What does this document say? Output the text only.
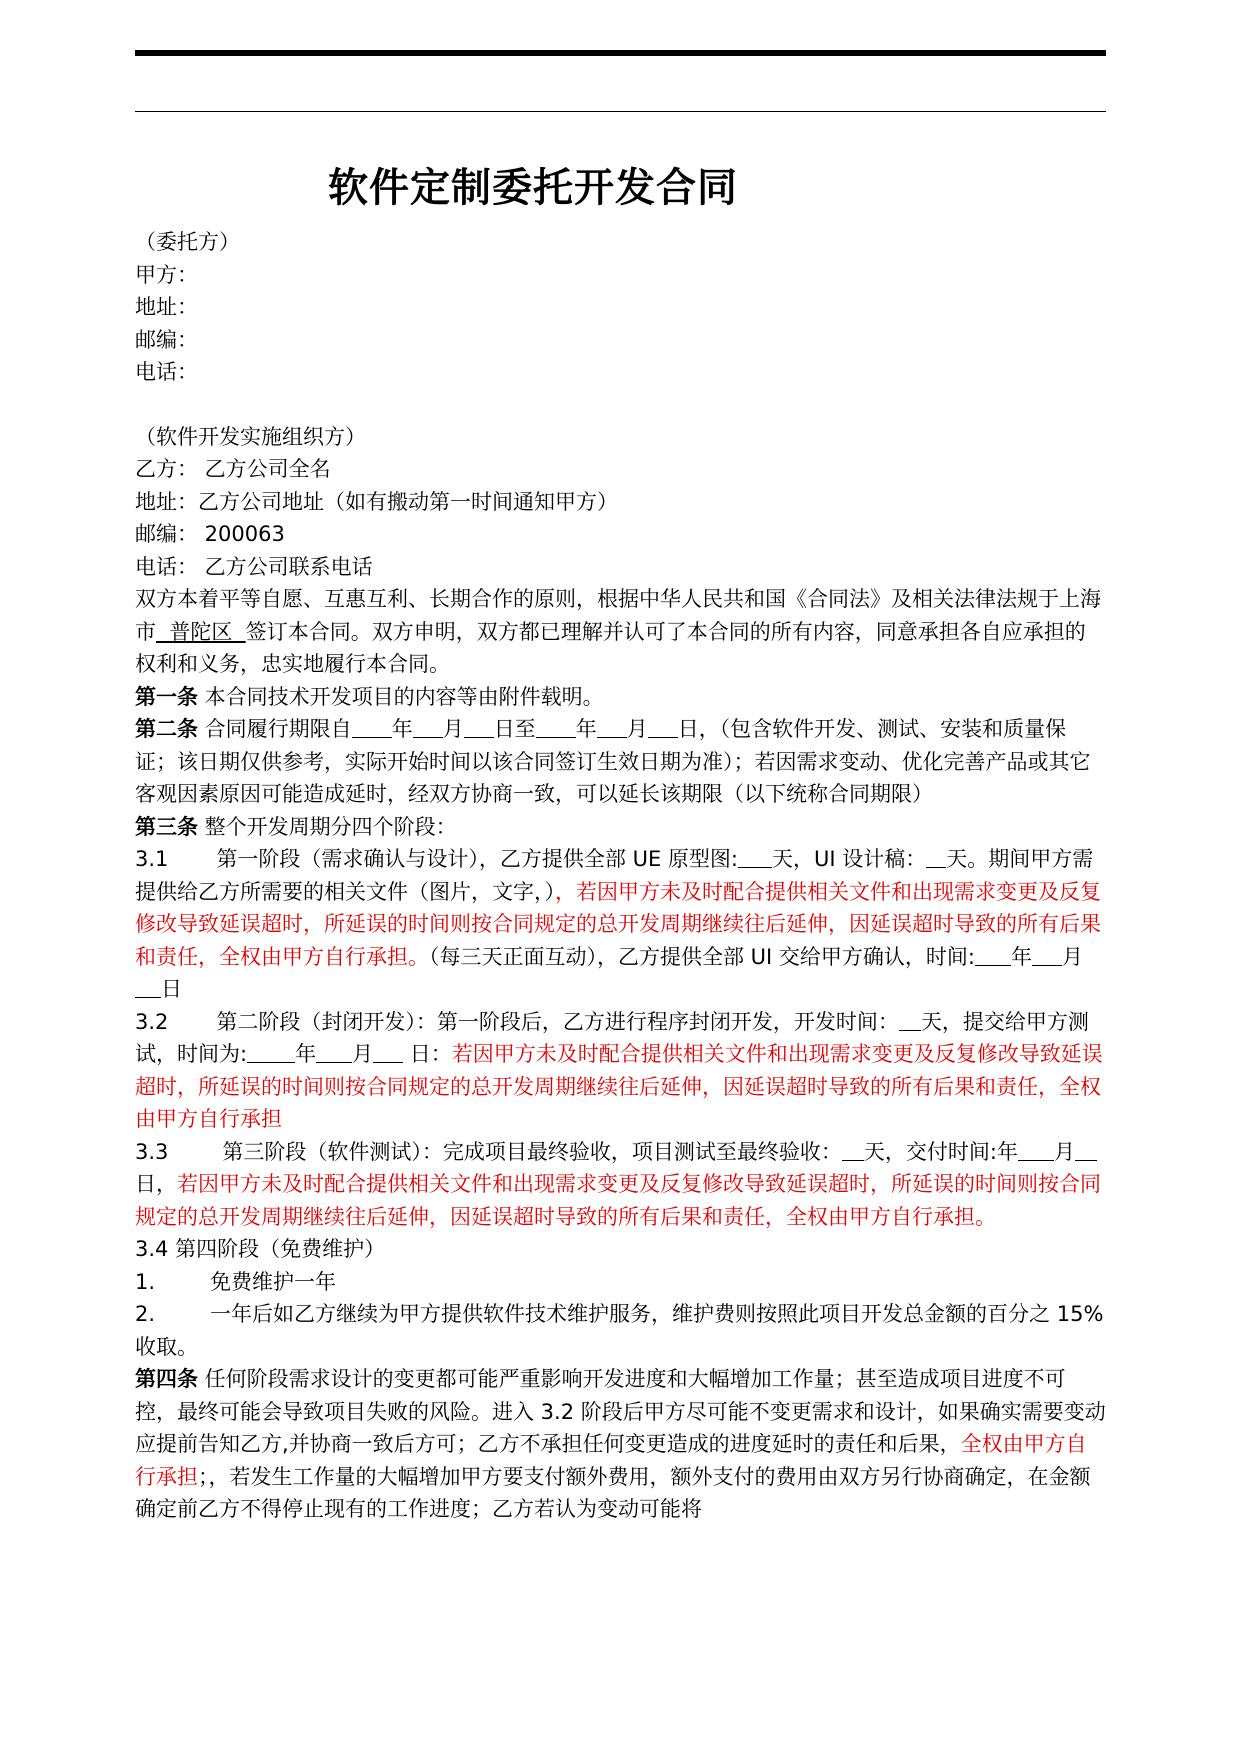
软件定制委托开发合同
（委托方）
甲方：
地址：
邮编：
电话：
（软件开发实施组织方）
乙方： 乙方公司全名
地址：乙方公司地址（如有搬动第一时间通知甲方）
邮编： 200063
电话： 乙方公司联系电话
双方本着平等自愿、互惠互利、长期合作的原则，根据中华人民共和国《合同法》及相关法律法规于上海市  普陀区  签订本合同。双方申明，双方都已理解并认可了本合同的所有内容，同意承担各自应承担的权利和义务，忠实地履行本合同。
第一条 本合同技术开发项目的内容等由附件载明。
第二条 合同履行期限自 年 月 日至 年 月 日，（包含软件开发、测试、安装和质量保证；该日期仅供参考，实际开始时间以该合同签订生效日期为准）；若因需求变动、优化完善产品或其它客观因素原因可能造成延时，经双方协商一致，可以延长该期限（以下统称合同期限）
第三条 整个开发周期分四个阶段：
3.1 第一阶段（需求确认与设计），乙方提供全部 UE 原型图: 天，UI 设计稿： 天。期间甲方需提供给乙方所需要的相关文件（图片，文字，），若因甲方未及时配合提供相关文件和出现需求变更及反复修改导致延误超时，所延误的时间则按合同规定的总开发周期继续往后延伸，因延误超时导致的所有后果和责任，全权由甲方自行承担。（每三天正面互动），乙方提供全部 UI 交给甲方确认，时间: 年 月日
3.2 第二阶段（封闭开发）：第一阶段后，乙方进行程序封闭开发，开发时间： 天，提交给甲方测试，时间为: 年 月 日：若因甲方未及时配合提供相关文件和出现需求变更及反复修改导致延误超时，所延误的时间则按合同规定的总开发周期继续往后延伸，因延误超时导致的所有后果和责任，全权由甲方自行承担
3.3	第三阶段（软件测试）：完成项目最终验收，项目测试至最终验收： 天，交付时间:年 月日，若因甲方未及时配合提供相关文件和出现需求变更及反复修改导致延误超时，所延误的时间则按合同规定的总开发周期继续往后延伸，因延误超时导致的所有后果和责任，全权由甲方自行承担。
3.4 第四阶段（免费维护）
1.	免费维护一年
2.	一年后如乙方继续为甲方提供软件技术维护服务，维护费则按照此项目开发总金额的百分之 15%收取。
第四条 任何阶段需求设计的变更都可能严重影响开发进度和大幅增加工作量；甚至造成项目进度不可控，最终可能会导致项目失败的风险。进入 3.2 阶段后甲方尽可能不变更需求和设计，如果确实需要变动应提前告知乙方,并协商一致后方可；乙方不承担任何变更造成的进度延时的责任和后果，全权由甲方自行承担；，若发生工作量的大幅增加甲方要支付额外费用，额外支付的费用由双方另行协商确定，在金额确定前乙方不得停止现有的工作进度；乙方若认为变动可能将
